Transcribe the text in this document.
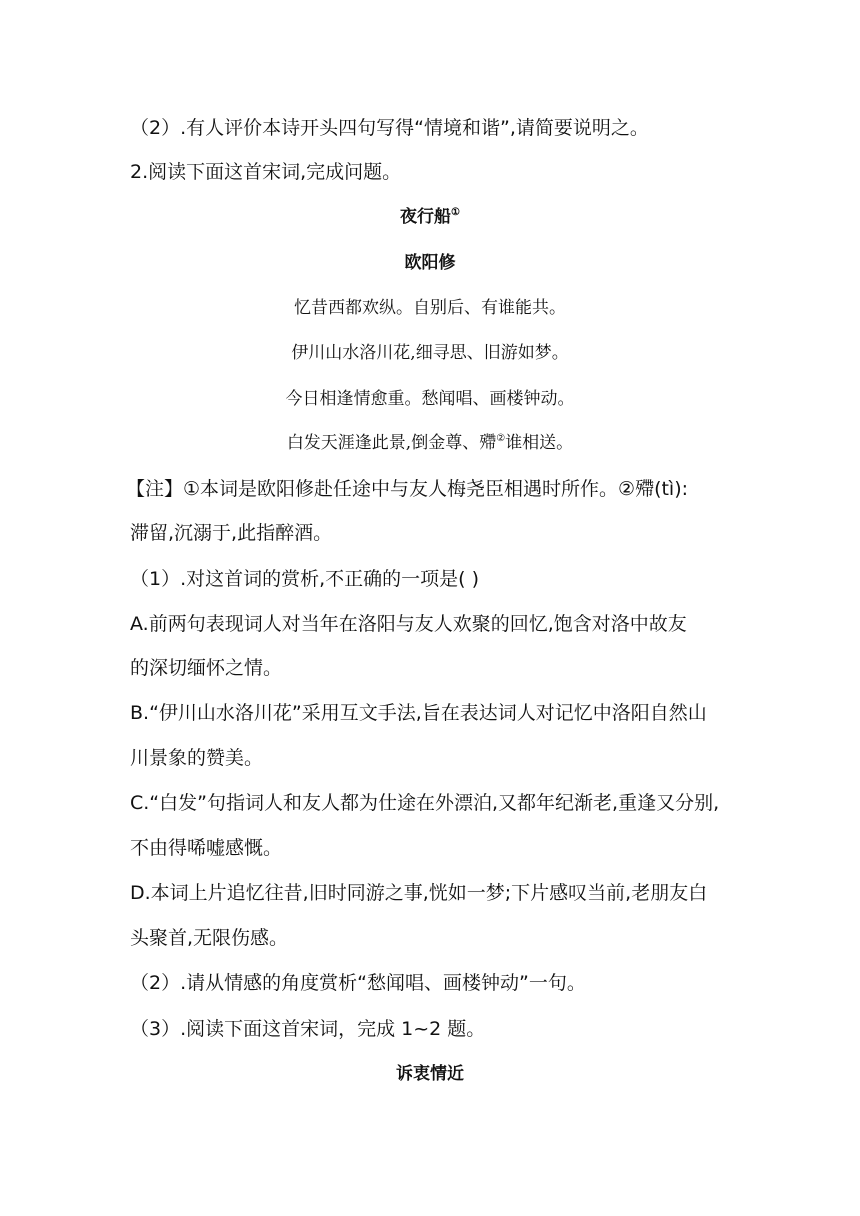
（2）.有人评价本诗开头四句写得“情境和谐”,请简要说明之。
2.阅读下面这首宋词,完成问题。
夜行船①
欧阳修
忆昔西都欢纵。自别后、有谁能共。
伊川山水洛川花,细寻思、旧游如梦。
今日相逢情愈重。愁闻唱、画楼钟动。
白发天涯逢此景,倒金尊、殢②谁相送。
【注】①本词是欧阳修赴任途中与友人梅尧臣相遇时所作。②殢(tì):
滞留,沉溺于,此指醉酒。
（1）.对这首词的赏析,不正确的一项是( )
A.前两句表现词人对当年在洛阳与友人欢聚的回忆,饱含对洛中故友
的深切缅怀之情。
B.“伊川山水洛川花”采用互文手法,旨在表达词人对记忆中洛阳自然山
川景象的赞美。
C.“白发”句指词人和友人都为仕途在外漂泊,又都年纪渐老,重逢又分别,
不由得唏嘘感慨。
D.本词上片追忆往昔,旧时同游之事,恍如一梦;下片感叹当前,老朋友白
头聚首,无限伤感。
（2）.请从情感的角度赏析“愁闻唱、画楼钟动”一句。
（3）.阅读下面这首宋词，完成 1~2 题。
诉衷情近
